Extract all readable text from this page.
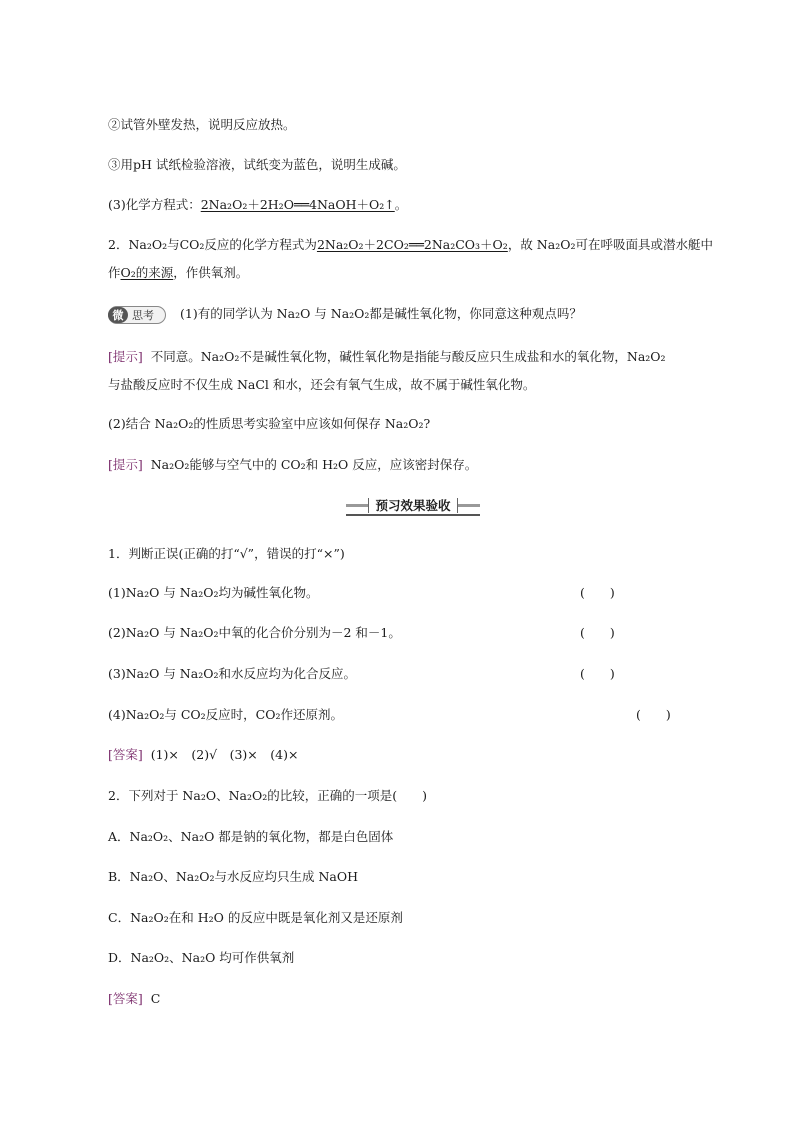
②试管外壁发热，说明反应放热。
③用pH 试纸检验溶液，试纸变为蓝色，说明生成碱。
(3)化学方程式：2Na₂O₂＋2H₂O══4NaOH＋O₂↑。
2．Na₂O₂与CO₂反应的化学方程式为2Na₂O₂＋2CO₂══2Na₂CO₃＋O₂，故 Na₂O₂可在呼吸面具或潜水艇中
作O₂的来源，作供氧剂。
微 思考 (1)有的同学认为 Na₂O 与 Na₂O₂都是碱性氧化物，你同意这种观点吗？
[提示] 不同意。Na₂O₂不是碱性氧化物，碱性氧化物是指能与酸反应只生成盐和水的氧化物，Na₂O₂
与盐酸反应时不仅生成 NaCl 和水，还会有氧气生成，故不属于碱性氧化物。
(2)结合 Na₂O₂的性质思考实验室中应该如何保存 Na₂O₂?
[提示] Na₂O₂能够与空气中的 CO₂和 H₂O 反应，应该密封保存。
预习效果验收
1．判断正误(正确的打“√”，错误的打“×”)
(1)Na₂O 与 Na₂O₂均为碱性氧化物。	(　　)
(2)Na₂O 与 Na₂O₂中氧的化合价分别为－2 和－1。	(　　)
(3)Na₂O 与 Na₂O₂和水反应均为化合反应。	(　　)
(4)Na₂O₂与 CO₂反应时，CO₂作还原剂。	(　　)
[答案] (1)×　(2)√　(3)×　(4)×
2．下列对于 Na₂O、Na₂O₂的比较，正确的一项是(　　)
A．Na₂O₂、Na₂O 都是钠的氧化物，都是白色固体
B．Na₂O、Na₂O₂与水反应均只生成 NaOH
C．Na₂O₂在和 H₂O 的反应中既是氧化剂又是还原剂
D．Na₂O₂、Na₂O 均可作供氧剂
[答案] C
